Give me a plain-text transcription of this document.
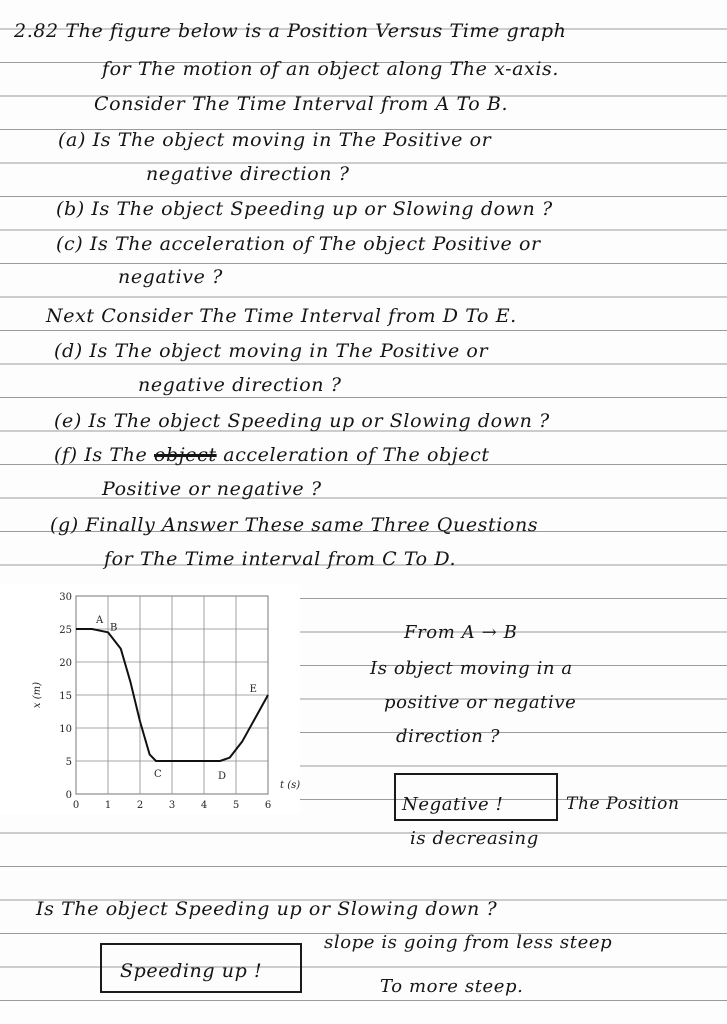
2.82 The figure below is a Position Versus Time graph

for The motion of an object along The x-axis.

Consider The Time Interval from A To B.

(a) Is The object moving in The Positive or

negative direction ?

(b) Is The object Speeding up or Slowing down ?

(c) Is The acceleration of The object Positive or

negative ?

Next Consider The Time Interval from D To E.

(d) Is The object moving in The Positive or

negative direction ?

(e) Is The object Speeding up or Slowing down ?

(f) Is The object acceleration of The object

Positive or negative ?

(g) Finally Answer These same Three Questions

for The Time interval from C To D.

0	1	2	3	4	5	6
0
5
10
15
20
25
30
t (s)
x (m)
A
B
C	D
E

From A → B

Is object moving in a

positive or negative

direction ?

Negative !	The Position

is decreasing

Is The object Speeding up or Slowing down ?

Speeding up !

slope is going from less steep

To more steep.
